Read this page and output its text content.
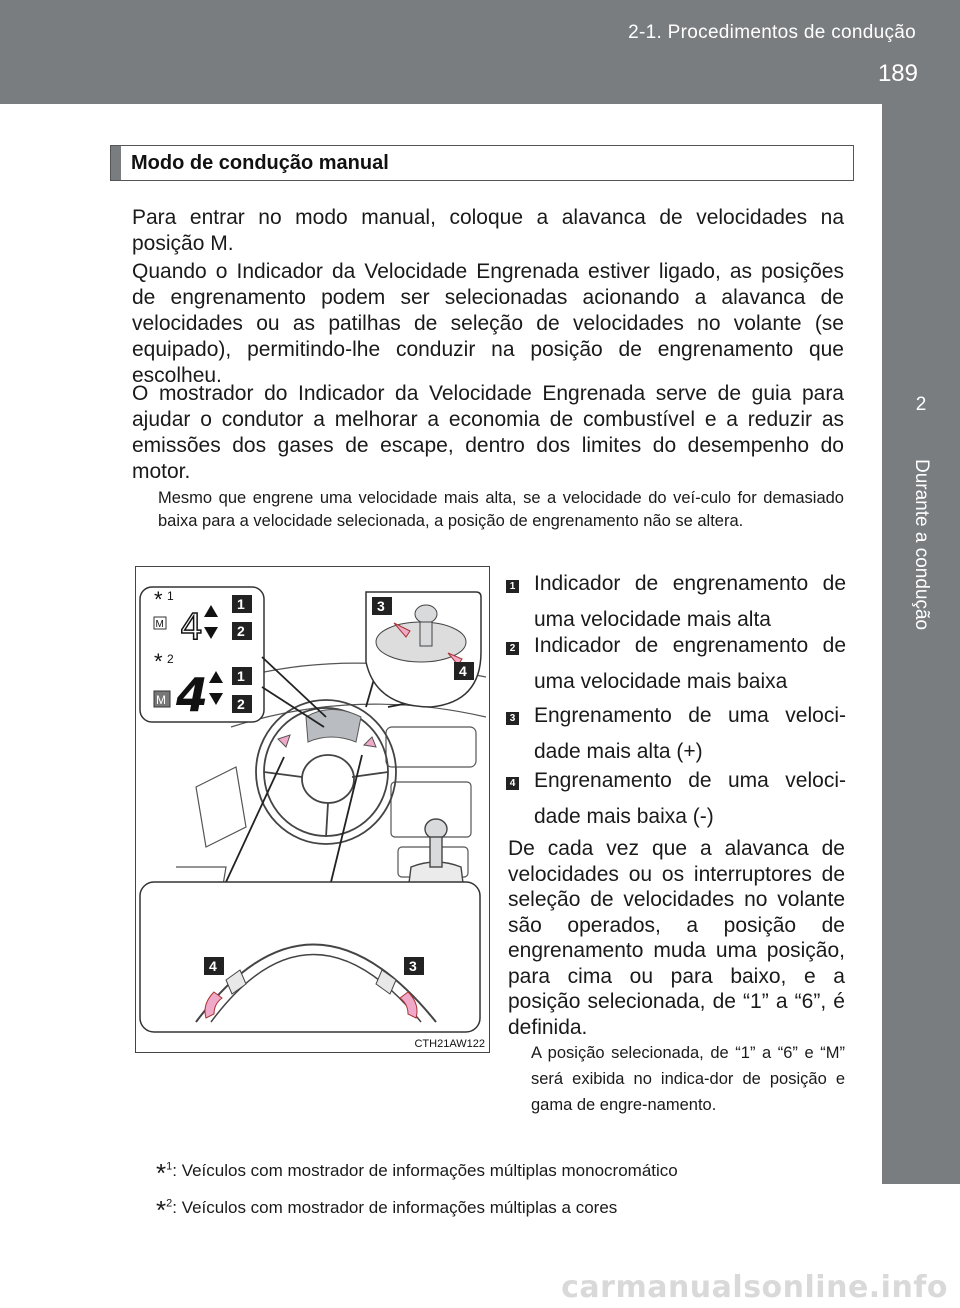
2-1. Procedimentos de condução
189
2
Durante a condução
Modo de condução manual
Para entrar no modo manual, coloque a alavanca de velocidades na posição M.
Quando o Indicador da Velocidade Engrenada estiver ligado, as posições de engrenamento podem ser selecionadas acionando a alavanca de velocidades ou as patilhas de seleção de velocidades no volante (se equipado), permitindo-lhe conduzir na posição de engrenamento que escolheu.
O mostrador do Indicador da Velocidade Engrenada serve de guia para ajudar o condutor a melhorar a economia de combustível e a reduzir as emissões dos gases de escape, dentro dos limites do desempenho do motor.
Mesmo que engrene uma velocidade mais alta, se a velocidade do veí-culo for demasiado baixa para a velocidade selecionada, a posição de engrenamento não se altera.
* 1
M 4
1
2
* 2
M 4 1
2
3
4
4	3
CTH21AW122
1 Indicador de engrenamento de uma velocidade mais alta
2 Indicador de engrenamento de uma velocidade mais baixa
3 Engrenamento de uma veloci-dade mais alta (+)
4 Engrenamento de uma veloci-dade mais baixa (-)
De cada vez que a alavanca de velocidades ou os interruptores de seleção de velocidades no volante são operados, a posição de engrenamento muda uma posição, para cima ou para baixo, e a posição selecionada, de “1” a “6”, é definida.
A posição selecionada, de “1” a “6” e “M” será exibida no indica-dor de posição e gama de engre-namento.
*$^1$: Veículos com mostrador de informações múltiplas monocromático
*$^2$: Veículos com mostrador de informações múltiplas a cores
carmanualsonline.info
